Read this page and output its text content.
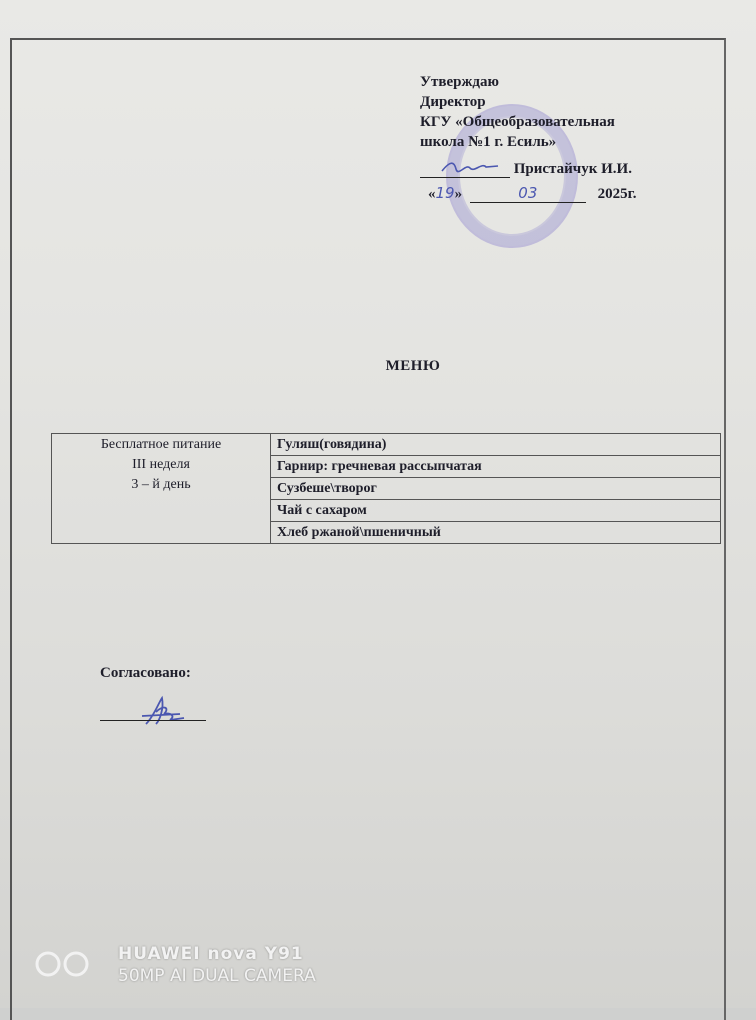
Утверждаю
Директор
КГУ «Общеобразовательная
школа №1 г. Есиль»
Пристайчук И.И.
«19»	03	2025г.
МЕНЮ
Бесплатное питание
III неделя
3 – й день
	Гуляш(говядина)
Гарнир: гречневая рассыпчатая
Сузбеше\творог
Чай с сахаром
Хлеб ржаной\пшеничный
Согласовано:
HUAWEI nova Y91
50MP AI DUAL CAMERA
